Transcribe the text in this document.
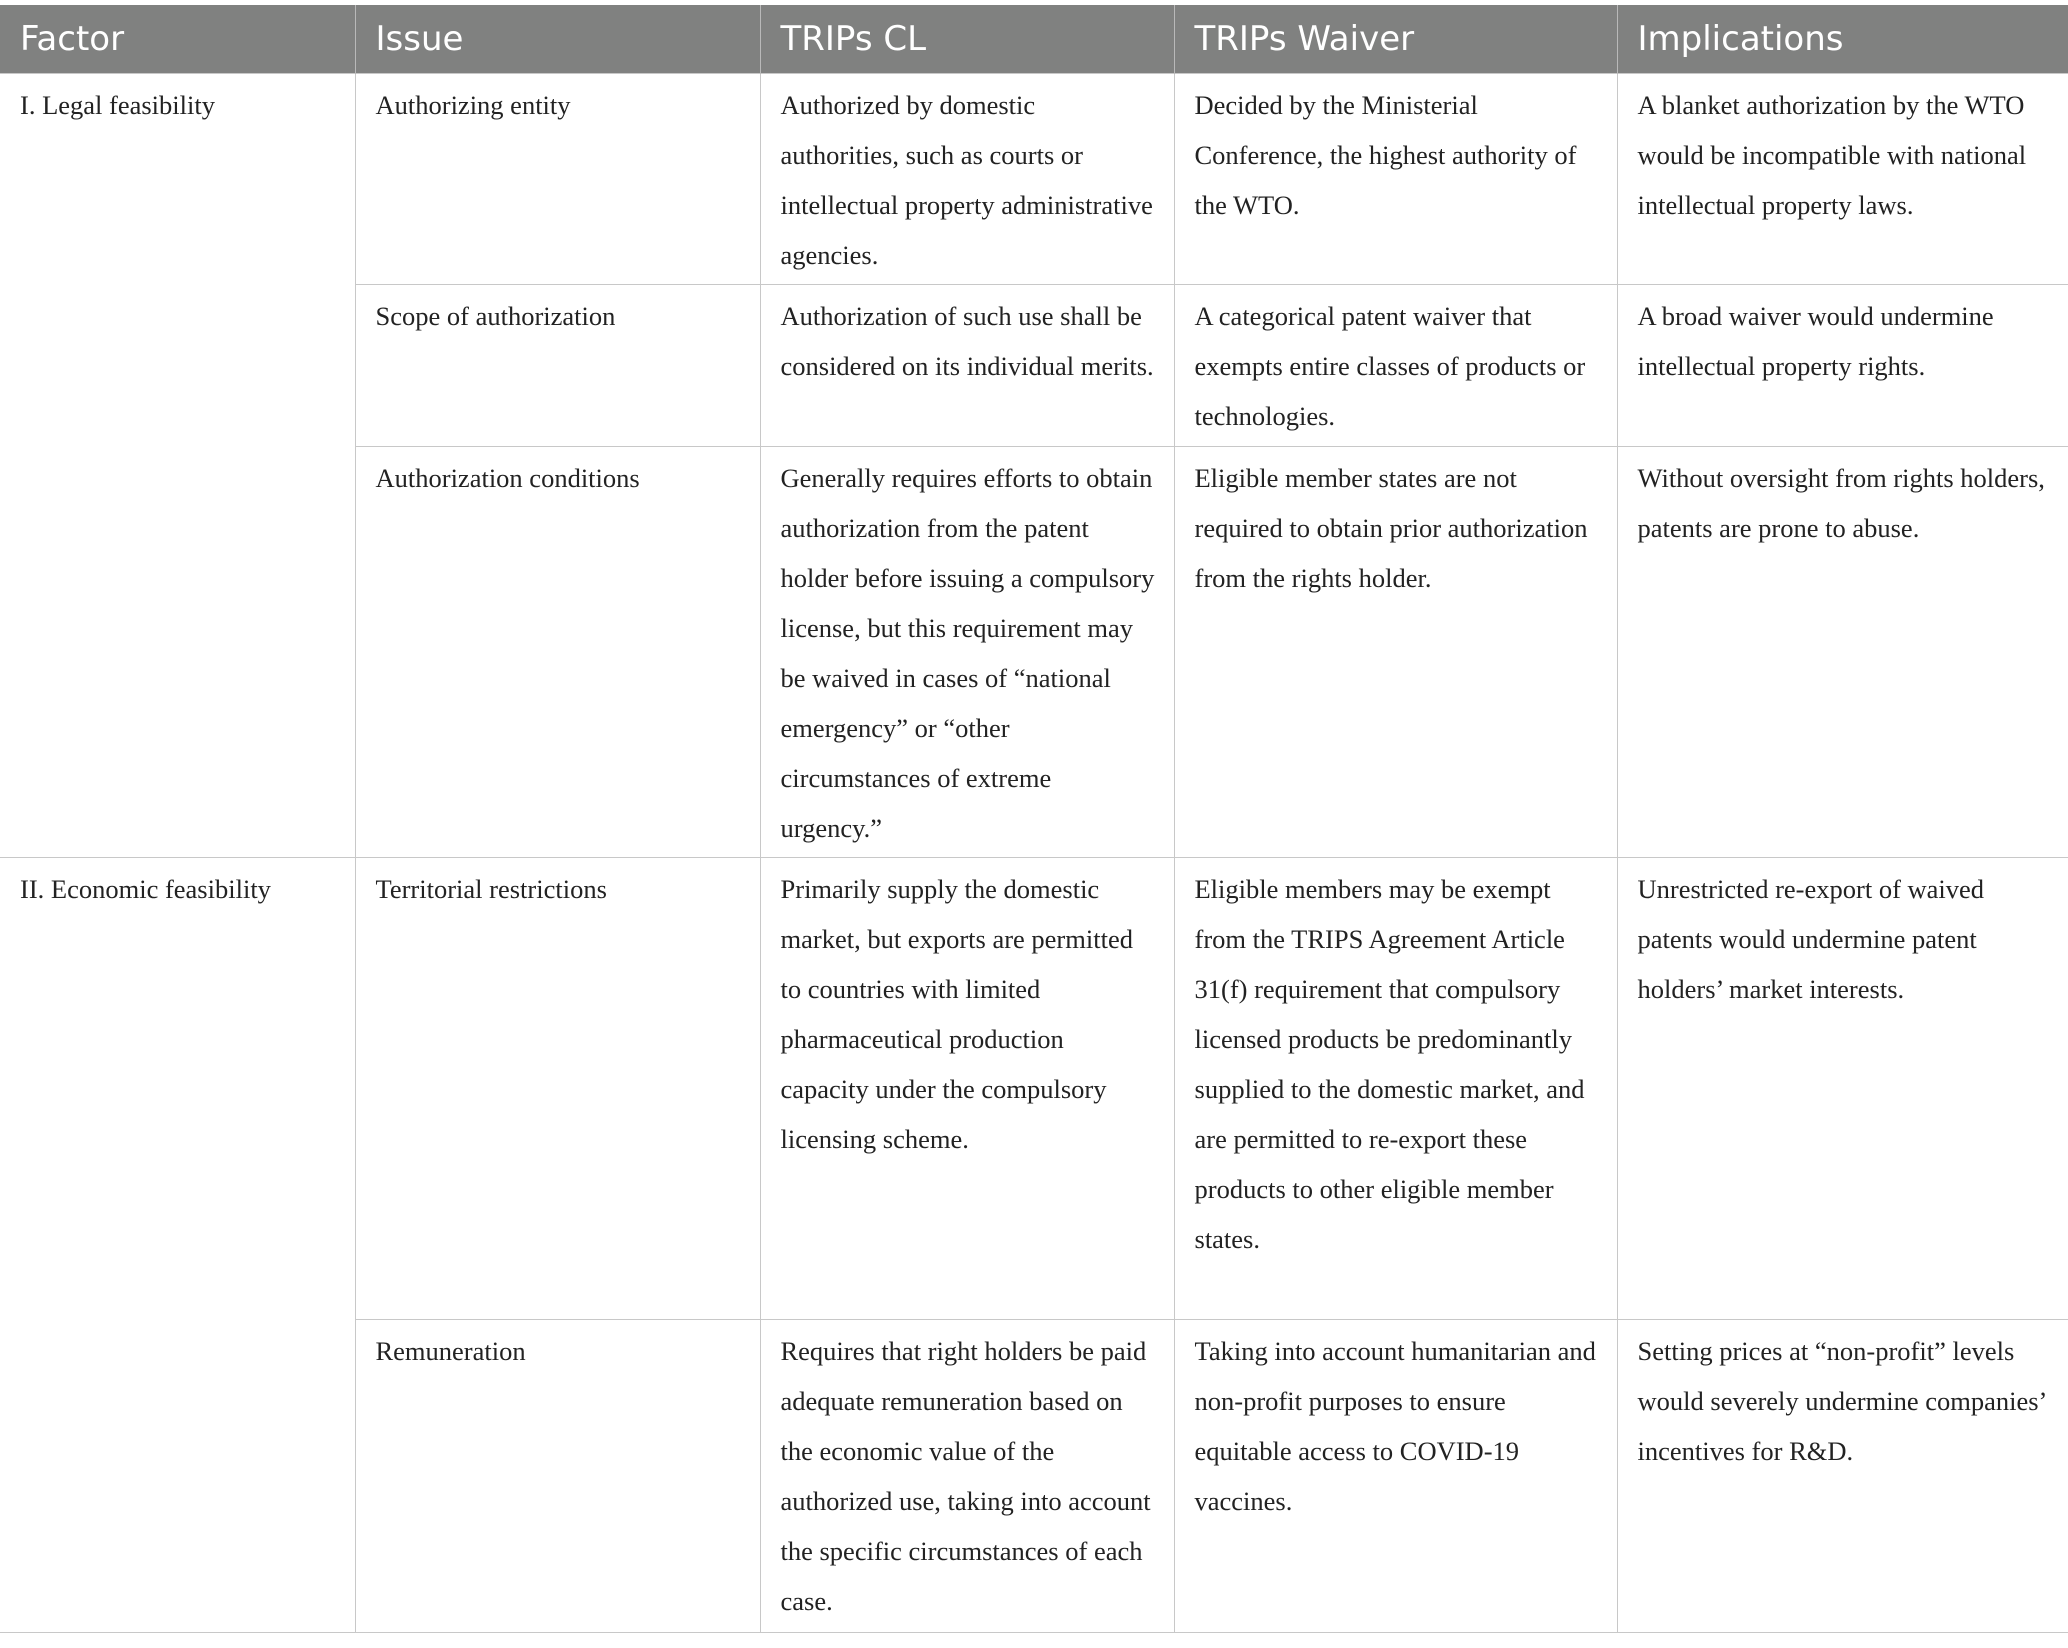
Factor	Issue	TRIPs CL	TRIPs Waiver	Implications
I. Legal feasibility	Authorizing entity	Authorized by domestic authorities, such as courts or intellectual property administrative agencies.	Decided by the Ministerial Conference, the highest authority of the WTO.	A blanket authorization by the WTO would be incompatible with national intellectual property laws.
	Scope of authorization	Authorization of such use shall be considered on its individual merits.	A categorical patent waiver that exempts entire classes of products or technologies.	A broad waiver would undermine intellectual property rights.
	Authorization conditions	Generally requires efforts to obtain authorization from the patent holder before issuing a compulsory license, but this requirement may be waived in cases of “national emergency” or “other circumstances of extreme urgency.”	Eligible member states are not required to obtain prior authorization from the rights holder.	Without oversight from rights holders, patents are prone to abuse.
II. Economic feasibility	Territorial restrictions	Primarily supply the domestic market, but exports are permitted to countries with limited pharmaceutical production capacity under the compulsory licensing scheme.	Eligible members may be exempt from the TRIPS Agreement Article 31(f) requirement that compulsory licensed products be predominantly supplied to the domestic market, and are permitted to re-export these products to other eligible member states.	Unrestricted re-export of waived patents would undermine patent holders’ market interests.
	Remuneration	Requires that right holders be paid adequate remuneration based on the economic value of the authorized use, taking into account the specific circumstances of each case.	Taking into account humanitarian and non-profit purposes to ensure equitable access to COVID-19 vaccines.	Setting prices at “non-profit” levels would severely undermine companies’ incentives for R&D.
